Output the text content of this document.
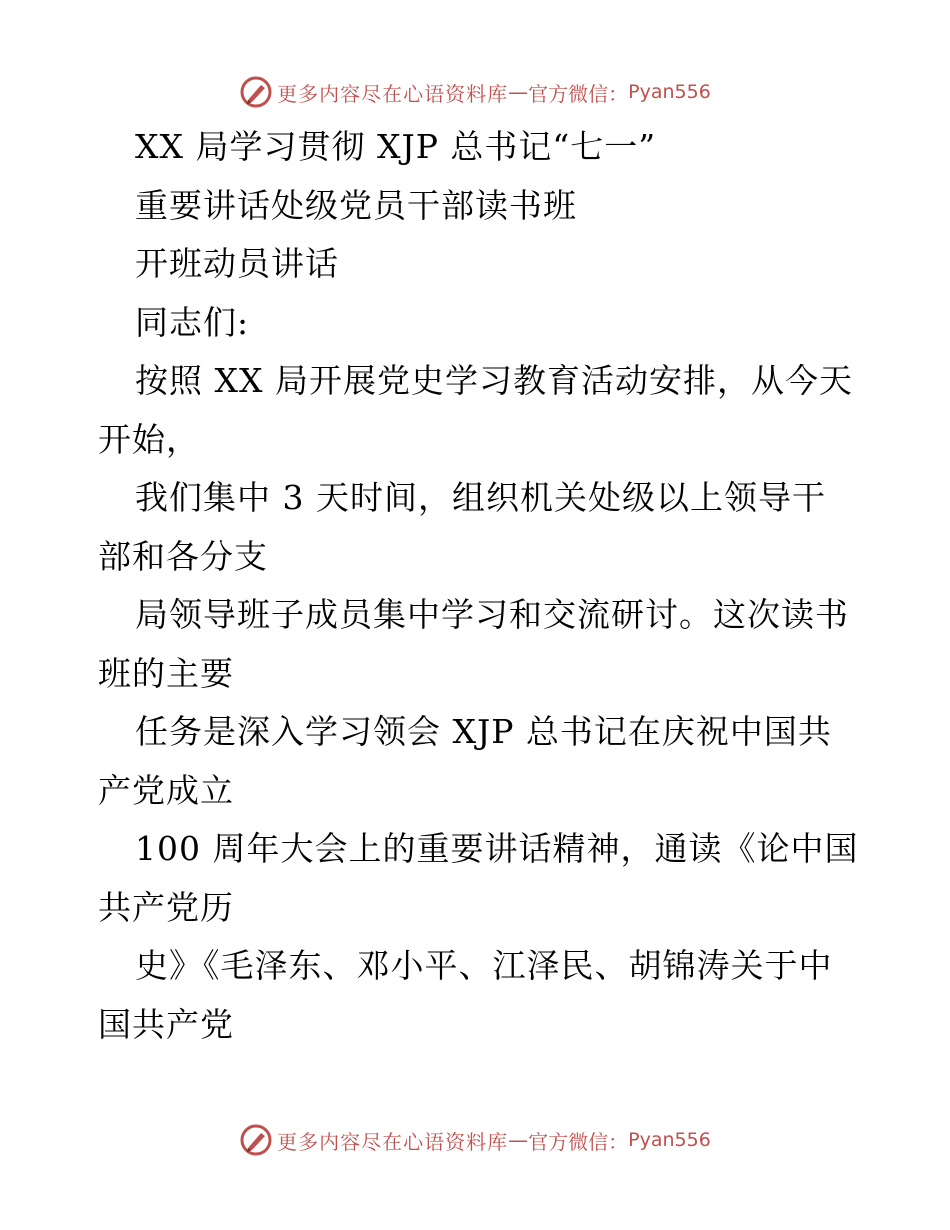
更多内容尽在心语资料库 — 官方微信： Pyan556
XX 局学习贯彻 XJP 总书记“七一”
重要讲话处级党员干部读书班
开班动员讲话
同志们:
按照 XX 局开展党史学习教育活动安排，从今天
开始，
我们集中 3 天时间，组织机关处级以上领导干
部和各分支
局领导班子成员集中学习和交流研讨。这次读书
班的主要
任务是深入学习领会 XJP 总书记在庆祝中国共
产党成立
100 周年大会上的重要讲话精神，通读《论中国
共产党历
史》《毛泽东、邓小平、江泽民、胡锦涛关于中
国共产党
更多内容尽在心语资料库 — 官方微信： Pyan556
